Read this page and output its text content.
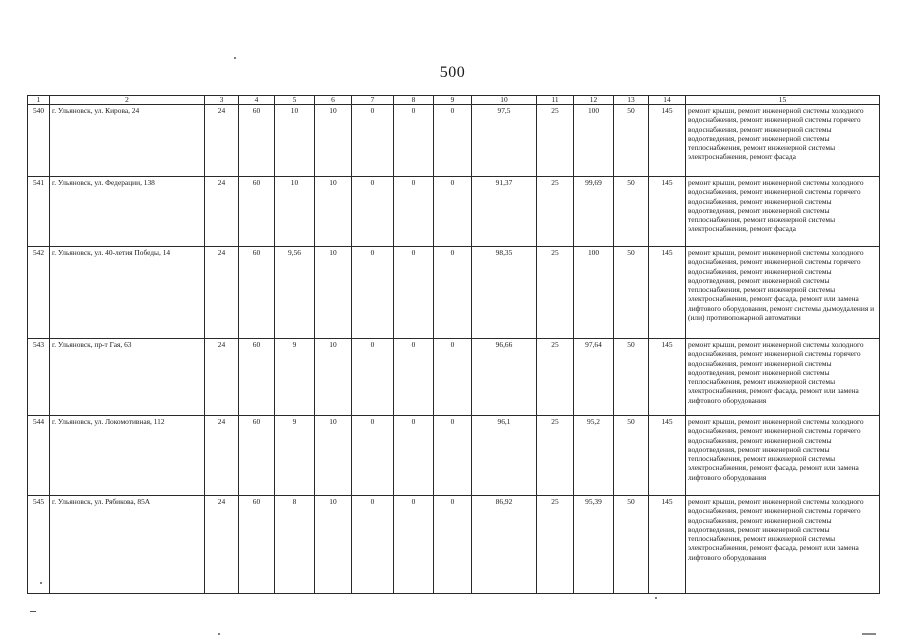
500
1	2	3	4	5	6	7	8	9	10	11	12	13	14	15
540	г. Ульяновск, ул. Кирова, 24	24	60	10	10	0	0	0	97,5	25	100	50	145	ремонт крыши, ремонт инженерной системы холодного водоснабжения, ремонт инженерной системы горячего водоснабжения, ремонт инженерной системы водоотведения, ремонт инженерной системы теплоснабжения, ремонт инженерной системы электроснабжения, ремонт фасада
541	г. Ульяновск, ул. Федерации, 138	24	60	10	10	0	0	0	91,37	25	99,69	50	145	ремонт крыши, ремонт инженерной системы холодного водоснабжения, ремонт инженерной системы горячего водоснабжения, ремонт инженерной системы водоотведения, ремонт инженерной системы теплоснабжения, ремонт инженерной системы электроснабжения, ремонт фасада
542	г. Ульяновск, ул. 40-летия Победы, 14	24	60	9,56	10	0	0	0	98,35	25	100	50	145	ремонт крыши, ремонт инженерной системы холодного водоснабжения, ремонт инженерной системы горячего водоснабжения, ремонт инженерной системы водоотведения, ремонт инженерной системы теплоснабжения, ремонт инженерной системы электроснабжения, ремонт фасада, ремонт или замена лифтового оборудования, ремонт системы дымоудаления и (или) противопожарной автоматики
543	г. Ульяновск, пр-т Гая, 63	24	60	9	10	0	0	0	96,66	25	97,64	50	145	ремонт крыши, ремонт инженерной системы холодного водоснабжения, ремонт инженерной системы горячего водоснабжения, ремонт инженерной системы водоотведения, ремонт инженерной системы теплоснабжения, ремонт инженерной системы электроснабжения, ремонт фасада, ремонт или замена лифтового оборудования
544	г. Ульяновск, ул. Локомотивная, 112	24	60	9	10	0	0	0	96,1	25	95,2	50	145	ремонт крыши, ремонт инженерной системы холодного водоснабжения, ремонт инженерной системы горячего водоснабжения, ремонт инженерной системы водоотведения, ремонт инженерной системы теплоснабжения, ремонт инженерной системы электроснабжения, ремонт фасада, ремонт или замена лифтового оборудования
545	г. Ульяновск, ул. Рябикова, 85А	24	60	8	10	0	0	0	86,92	25	95,39	50	145	ремонт крыши, ремонт инженерной системы холодного водоснабжения, ремонт инженерной системы горячего водоснабжения, ремонт инженерной системы водоотведения, ремонт инженерной системы теплоснабжения, ремонт инженерной системы электроснабжения, ремонт фасада, ремонт или замена лифтового оборудования
